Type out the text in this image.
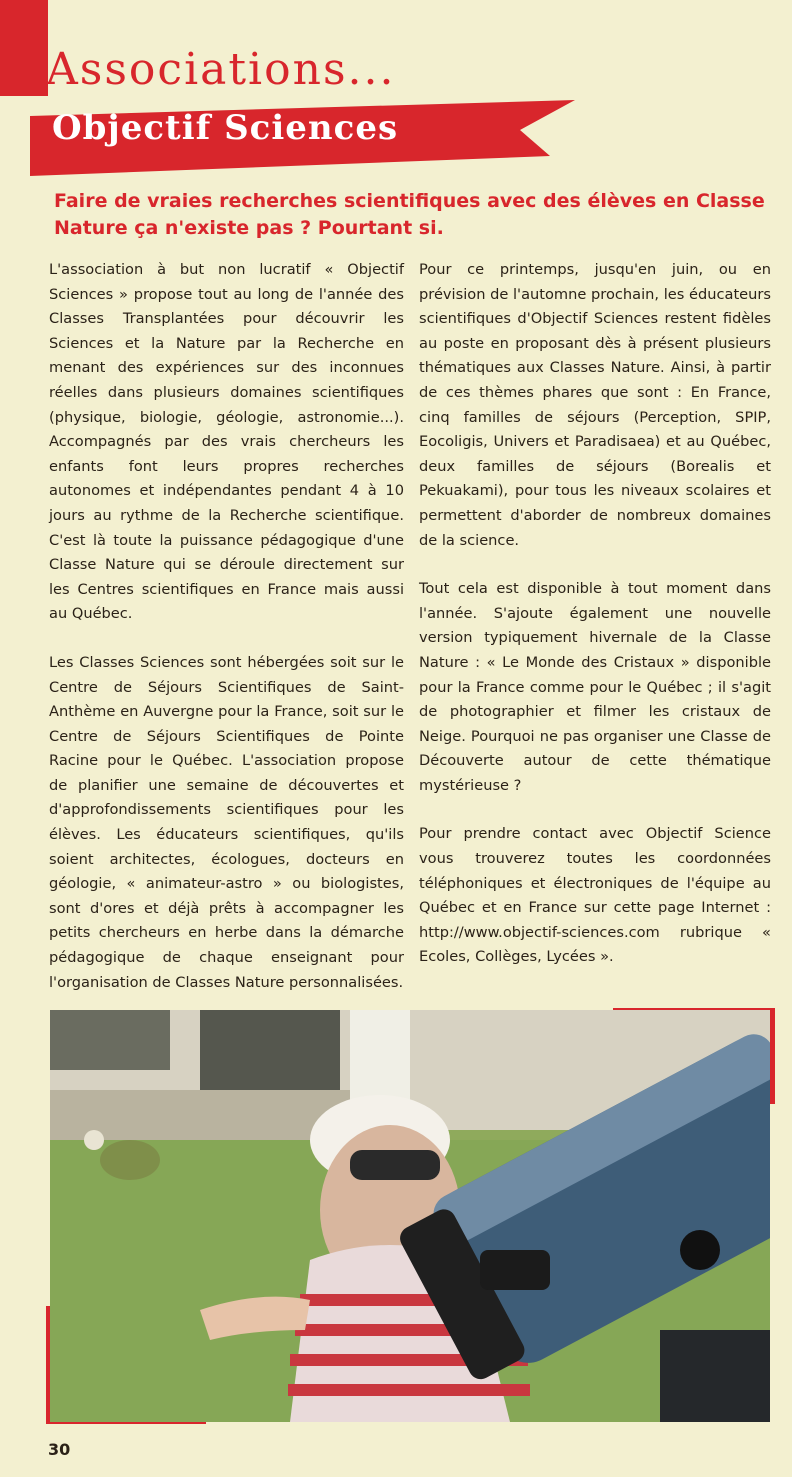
Associations...
Objectif Sciences

Faire de vraies recherches scientifiques avec des élèves en Classe Nature ça n'existe pas ? Pourtant si.

L'association à but non lucratif « Objectif Sciences » propose tout au long de l'année des Classes Transplantées pour découvrir les Sciences et la Nature par la Recherche en menant des expériences sur des inconnues réelles dans plusieurs domaines scientifiques (physique, biologie, géologie, astronomie...). Accompagnés par des vrais chercheurs les enfants font leurs propres recherches autonomes et indépendantes pendant 4 à 10 jours au rythme de la Recherche scientifique. C'est là toute la puissance pédagogique d'une Classe Nature qui se déroule directement sur les Centres scientifiques en France mais aussi au Québec.

Les Classes Sciences sont hébergées soit sur le Centre de Séjours Scientifiques de Saint-Anthème en Auvergne pour la France, soit sur le Centre de Séjours Scientifiques de Pointe Racine pour le Québec. L'association propose de planifier une semaine de découvertes et d'approfondissements scientifiques pour les élèves. Les éducateurs scientifiques, qu'ils soient architectes, écologues, docteurs en géologie, « animateur-astro » ou biologistes, sont d'ores et déjà prêts à accompagner les petits chercheurs en herbe dans la démarche pédagogique de chaque enseignant pour l'organisation de Classes Nature personnalisées.

Pour ce printemps, jusqu'en juin, ou en prévision de l'automne prochain, les éducateurs scientifiques d'Objectif Sciences restent fidèles au poste en proposant dès à présent plusieurs thématiques aux Classes Nature. Ainsi, à partir de ces thèmes phares que sont : En France, cinq familles de séjours (Perception, SPIP, Eocoligis, Univers et Paradisaea) et au Québec, deux familles de séjours (Borealis et Pekuakami), pour tous les niveaux scolaires et permettent d'aborder de nombreux domaines de la science.

Tout cela est disponible à tout moment dans l'année. S'ajoute également une nouvelle version typiquement hivernale de la Classe Nature : « Le Monde des Cristaux » disponible pour la France comme pour le Québec ; il s'agit de photographier et filmer les cristaux de Neige. Pourquoi ne pas organiser une Classe de Découverte autour de cette thématique mystérieuse ?

Pour prendre contact avec Objectif Science vous trouverez toutes les coordonnées téléphoniques et électroniques de l'équipe au Québec et en France sur cette page Internet : http://www.objectif-sciences.com rubrique « Ecoles, Collèges, Lycées ».

30
